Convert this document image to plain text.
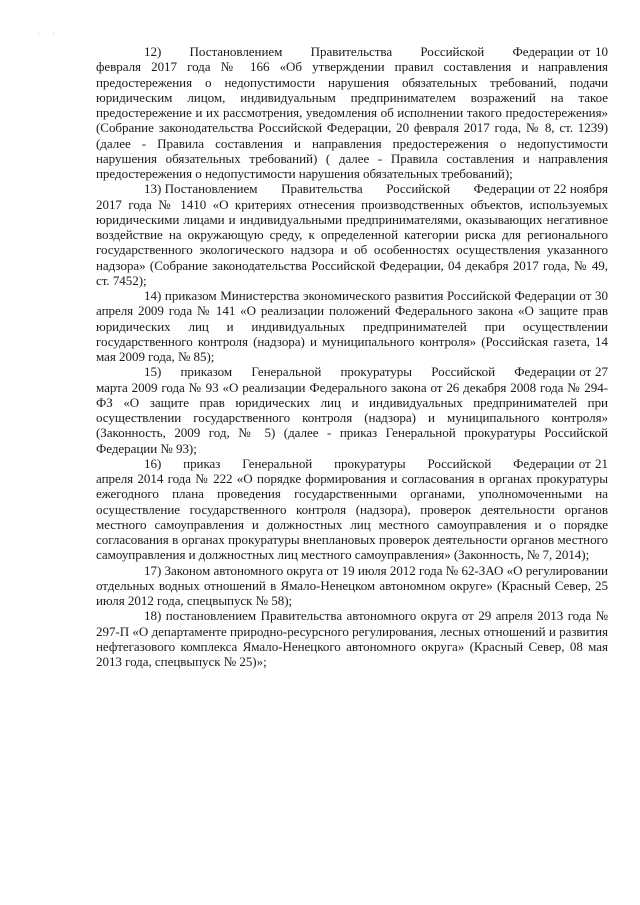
. .

12)      Постановлением      Правительства      Российской      Федерации от 10 февраля 2017 года № 166 «Об утверждении правил составления и направления предостережения о недопустимости нарушения обязательных требований, подачи юридическим лицом, индивидуальным предпринимателем возражений на такое предостережение и их рассмотрения, уведомления об исполнении такого предостережения» (Собрание законодательства Российской Федерации, 20 февраля 2017 года, № 8, ст. 1239) (далее - Правила составления и направления предостережения о недопустимости нарушения обязательных требований) ( далее - Правила составления и направления предостережения о недопустимости нарушения обязательных требований);

13) Постановлением       Правительства       Российской       Федерации от 22 ноября 2017 года № 1410 «О критериях отнесения производственных объектов, используемых юридическими лицами и индивидуальными предпринимателями, оказывающих негативное воздействие на окружающую среду, к определенной категории риска для регионального государственного экологического надзора и об особенностях осуществления указанного надзора» (Собрание законодательства Российской Федерации, 04 декабря 2017 года, № 49, ст. 7452);

14) приказом Министерства экономического развития Российской Федерации от 30 апреля 2009 года № 141 «О реализации положений Федерального закона «О защите прав юридических лиц и индивидуальных предпринимателей при осуществлении государственного контроля (надзора) и муниципального контроля» (Российская газета, 14 мая 2009 года, № 85);

15)     приказом     Генеральной     прокуратуры     Российской     Федерации от 27 марта 2009 года № 93 «О реализации Федерального закона от 26 декабря 2008 года № 294-ФЗ «О защите прав юридических лиц и индивидуальных предпринимателей при осуществлении государственного контроля (надзора) и муниципального контроля» (Законность, 2009 год, № 5) (далее - приказ Генеральной прокуратуры Российской Федерации № 93);

16)     приказ     Генеральной     прокуратуры     Российской     Федерации от 21 апреля 2014 года № 222 «О порядке формирования и согласования в органах прокуратуры ежегодного плана проведения государственными органами, уполномоченными на осуществление государственного контроля (надзора), проверок деятельности органов местного самоуправления и должностных лиц местного самоуправления и о порядке согласования в органах прокуратуры внеплановых проверок деятельности органов местного самоуправления и должностных лиц местного самоуправления» (Законность, № 7, 2014);

17) Законом автономного округа от 19 июля 2012 года № 62-ЗАО «О регулировании отдельных водных отношений в Ямало-Ненецком автономном округе» (Красный Север, 25 июля 2012 года, спецвыпуск № 58);

18) постановлением Правительства автономного округа от 29 апреля 2013 года № 297-П «О департаменте природно-ресурсного регулирования, лесных отношений и развития нефтегазового комплекса Ямало-Ненецкого автономного округа» (Красный Север, 08 мая 2013 года, спецвыпуск № 25)»;
